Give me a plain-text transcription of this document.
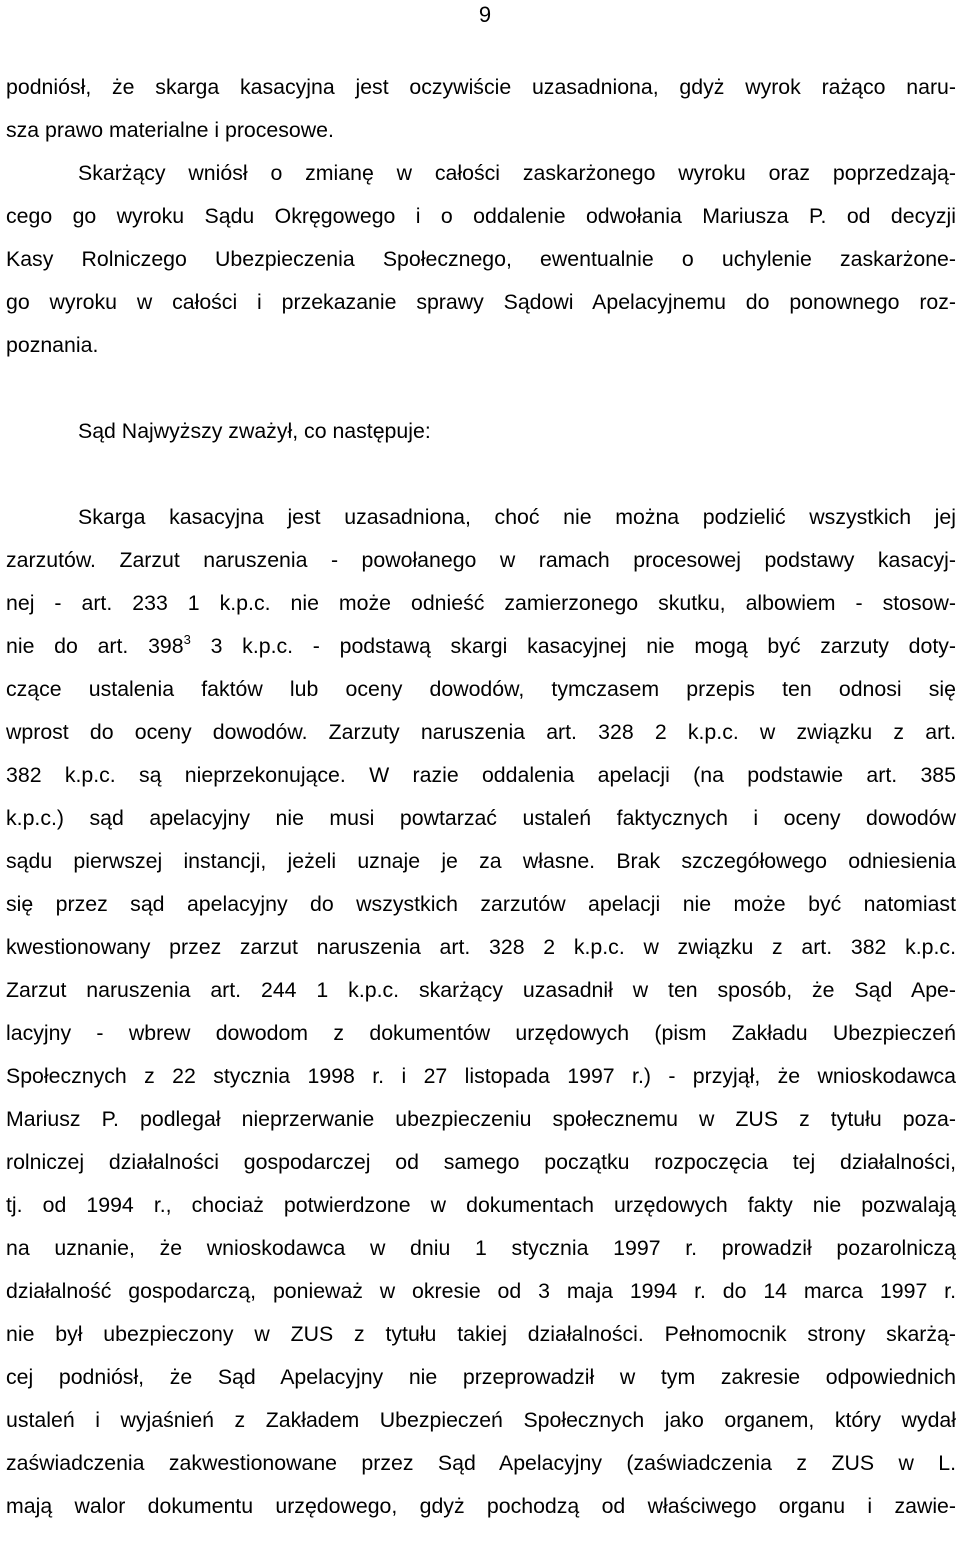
9
podniósł, że skarga kasacyjna jest oczywiście uzasadniona, gdyż wyrok rażąco naru-
sza prawo materialne i procesowe.
Skarżący wniósł o zmianę w całości zaskarżonego wyroku oraz poprzedzają-
cego go wyroku Sądu Okręgowego i o oddalenie odwołania Mariusza P. od decyzji
Kasy Rolniczego Ubezpieczenia Społecznego, ewentualnie o uchylenie zaskarżone-
go wyroku w całości i przekazanie sprawy Sądowi Apelacyjnemu do ponownego roz-
poznania.
Sąd Najwyższy zważył, co następuje:
Skarga kasacyjna jest uzasadniona, choć nie można podzielić wszystkich jej
zarzutów. Zarzut naruszenia - powołanego w ramach procesowej podstawy kasacyj-
nej - art. 233 1 k.p.c. nie może odnieść zamierzonego skutku, albowiem - stosow-
nie do art. $398^3$ 3 k.p.c. - podstawą skargi kasacyjnej nie mogą być zarzuty doty-
czące ustalenia faktów lub oceny dowodów, tymczasem przepis ten odnosi się
wprost do oceny dowodów. Zarzuty naruszenia art. 328 2 k.p.c. w związku z art.
382 k.p.c. są nieprzekonujące. W razie oddalenia apelacji (na podstawie art. 385
k.p.c.) sąd apelacyjny nie musi powtarzać ustaleń faktycznych i oceny dowodów
sądu pierwszej instancji, jeżeli uznaje je za własne. Brak szczegółowego odniesienia
się przez sąd apelacyjny do wszystkich zarzutów apelacji nie może być natomiast
kwestionowany przez zarzut naruszenia art. 328 2 k.p.c. w związku z art. 382 k.p.c.
Zarzut naruszenia art. 244 1 k.p.c. skarżący uzasadnił w ten sposób, że Sąd Ape-
lacyjny - wbrew dowodom z dokumentów urzędowych (pism Zakładu Ubezpieczeń
Społecznych z 22 stycznia 1998 r. i 27 listopada 1997 r.) - przyjął, że wnioskodawca
Mariusz P. podlegał nieprzerwanie ubezpieczeniu społecznemu w ZUS z tytułu poza-
rolniczej działalności gospodarczej od samego początku rozpoczęcia tej działalności,
tj. od 1994 r., chociaż potwierdzone w dokumentach urzędowych fakty nie pozwalają
na uznanie, że wnioskodawca w dniu 1 stycznia 1997 r. prowadził pozarolniczą
działalność gospodarczą, ponieważ w okresie od 3 maja 1994 r. do 14 marca 1997 r.
nie był ubezpieczony w ZUS z tytułu takiej działalności. Pełnomocnik strony skarżą-
cej podniósł, że Sąd Apelacyjny nie przeprowadził w tym zakresie odpowiednich
ustaleń i wyjaśnień z Zakładem Ubezpieczeń Społecznych jako organem, który wydał
zaświadczenia zakwestionowane przez Sąd Apelacyjny (zaświadczenia z ZUS w L.
mają walor dokumentu urzędowego, gdyż pochodzą od właściwego organu i zawie-
